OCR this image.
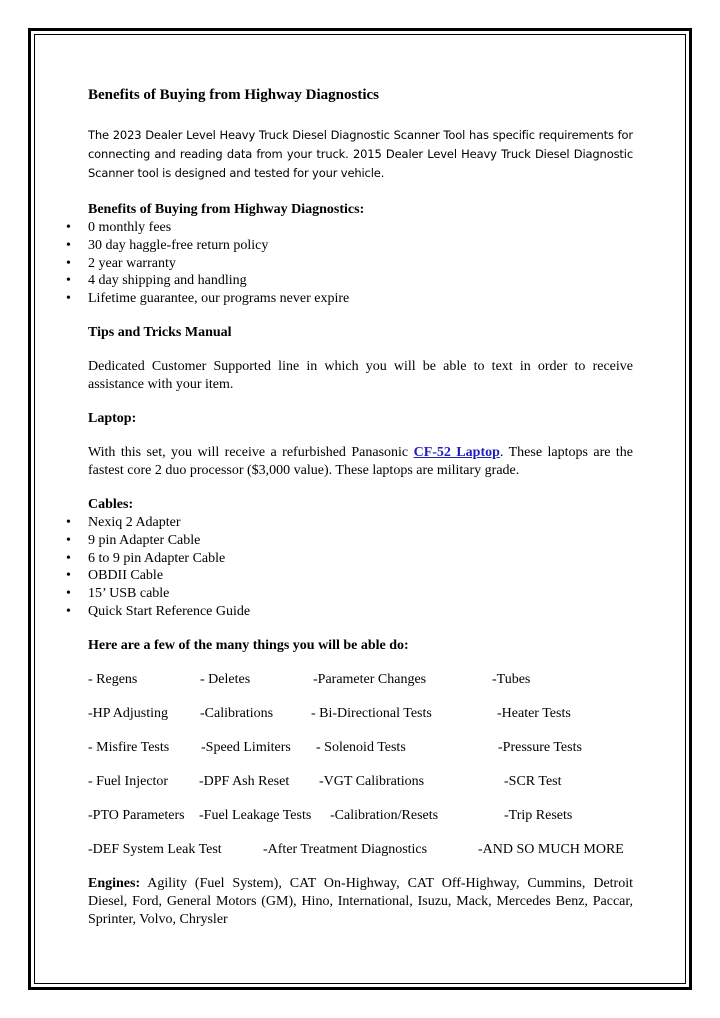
Benefits of Buying from Highway Diagnostics
The 2023 Dealer Level Heavy Truck Diesel Diagnostic Scanner Tool has specific requirements for connecting and reading data from your truck. 2015 Dealer Level Heavy Truck Diesel Diagnostic Scanner tool is designed and tested for your vehicle.
Benefits of Buying from Highway Diagnostics:
• 0 monthly fees
• 30 day haggle-free return policy
• 2 year warranty
• 4 day shipping and handling
• Lifetime guarantee, our programs never expire
Tips and Tricks Manual

Dedicated Customer Supported line in which you will be able to text in order to receive assistance with your item.

Laptop:

With this set, you will receive a refurbished Panasonic CF-52 Laptop. These laptops are the fastest core 2 duo processor ($3,000 value). These laptops are military grade.

Cables:
• Nexiq 2 Adapter
• 9 pin Adapter Cable
• 6 to 9 pin Adapter Cable
• OBDII Cable
• 15’ USB cable
• Quick Start Reference Guide
Here are a few of the many things you will be able do:
- Regens	- Deletes	-Parameter Changes	-Tubes
-HP Adjusting -Calibrations	- Bi-Directional Tests	-Heater Tests
- Misfire Tests -Speed Limiters - Solenoid Tests	-Pressure Tests
- Fuel Injector -DPF Ash Reset -VGT Calibrations	-SCR Test
-PTO Parameters -Fuel Leakage Tests -Calibration/Resets	-Trip Resets
-DEF System Leak Test	-After Treatment Diagnostics	-AND SO MUCH MORE

Engines: Agility (Fuel System), CAT On-Highway, CAT Off-Highway, Cummins, Detroit Diesel, Ford, General Motors (GM), Hino, International, Isuzu, Mack, Mercedes Benz, Paccar, Sprinter, Volvo, Chrysler
